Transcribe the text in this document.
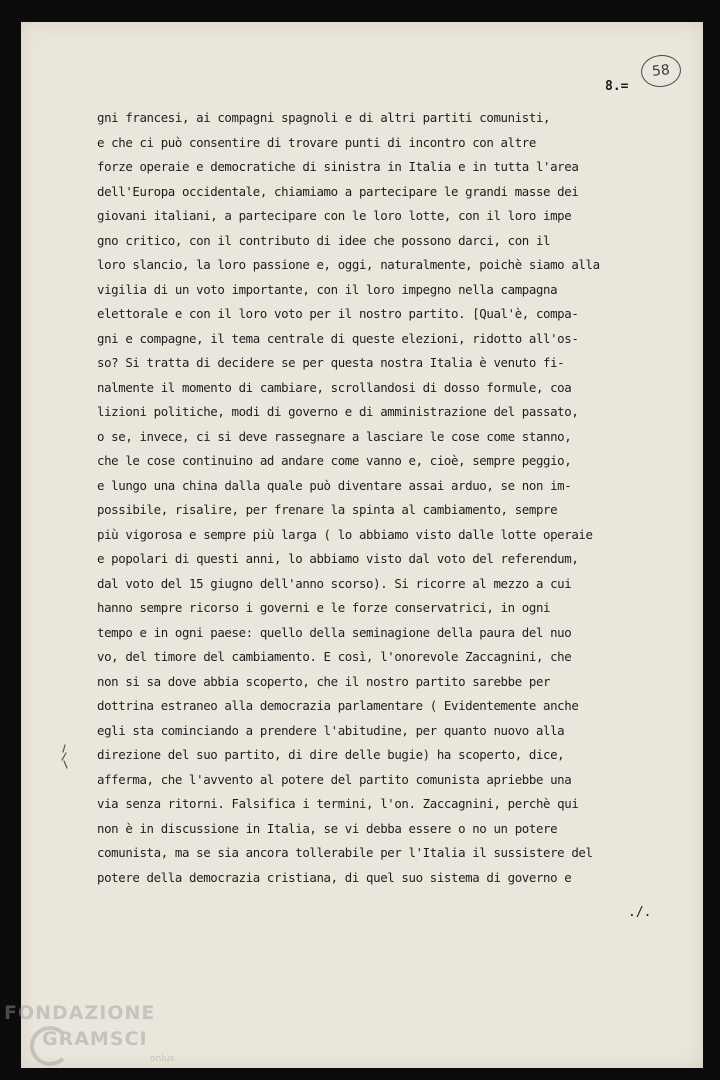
58
8.=
gni francesi, ai compagni spagnoli e di altri partiti comunisti,
e che ci può consentire di trovare punti di incontro con altre
forze operaie e democratiche di sinistra in Italia e in tutta l'area
dell'Europa occidentale, chiamiamo a partecipare le grandi masse dei
giovani italiani, a partecipare con le loro lotte, con il loro impe
gno critico, con il contributo di idee che possono darci, con il
loro slancio, la loro passione e, oggi, naturalmente, poichè siamo alla
vigilia di un voto importante, con il loro impegno nella campagna
elettorale e con il loro voto per il nostro partito. [Qual'è, compa-
gni e compagne, il tema centrale di queste elezioni, ridotto all'os-
so? Si tratta di decidere se per questa nostra Italia è venuto fi-
nalmente il momento di cambiare, scrollandosi di dosso formule, coa
lizioni politiche, modi di governo e di amministrazione del passato,
o se, invece, ci si deve rassegnare a lasciare le cose come stanno,
che le cose continuino ad andare come vanno e, cioè, sempre peggio,
e lungo una china dalla quale può diventare assai arduo, se non im-
possibile, risalire, per frenare la spinta al cambiamento, sempre
più vigorosa e sempre più larga ( lo abbiamo visto dalle lotte operaie
e popolari di questi anni, lo abbiamo visto dal voto del referendum,
dal voto del 15 giugno dell'anno scorso). Si ricorre al mezzo a cui
hanno sempre ricorso i governi e le forze conservatrici, in ogni
tempo e in ogni paese: quello della seminagione della paura del nuo
vo, del timore del cambiamento. E così, l'onorevole Zaccagnini, che
non si sa dove abbia scoperto, che il nostro partito sarebbe per
dottrina estraneo alla democrazia parlamentare ( Evidentemente anche
egli sta cominciando a prendere l'abitudine, per quanto nuovo alla
direzione del suo partito, di dire delle bugie) ha scoperto, dice,
afferma, che l'avvento al potere del partito comunista apriebbe una
via senza ritorni. Falsifica i termini, l'on. Zaccagnini, perchè qui
non è in discussione in Italia, se vi debba essere o no un potere
comunista, ma se sia ancora tollerabile per l'Italia il sussistere del
potere della democrazia cristiana, di quel suo sistema di governo e
./.
FONDAZIONE
GRAMSCI
onlus
